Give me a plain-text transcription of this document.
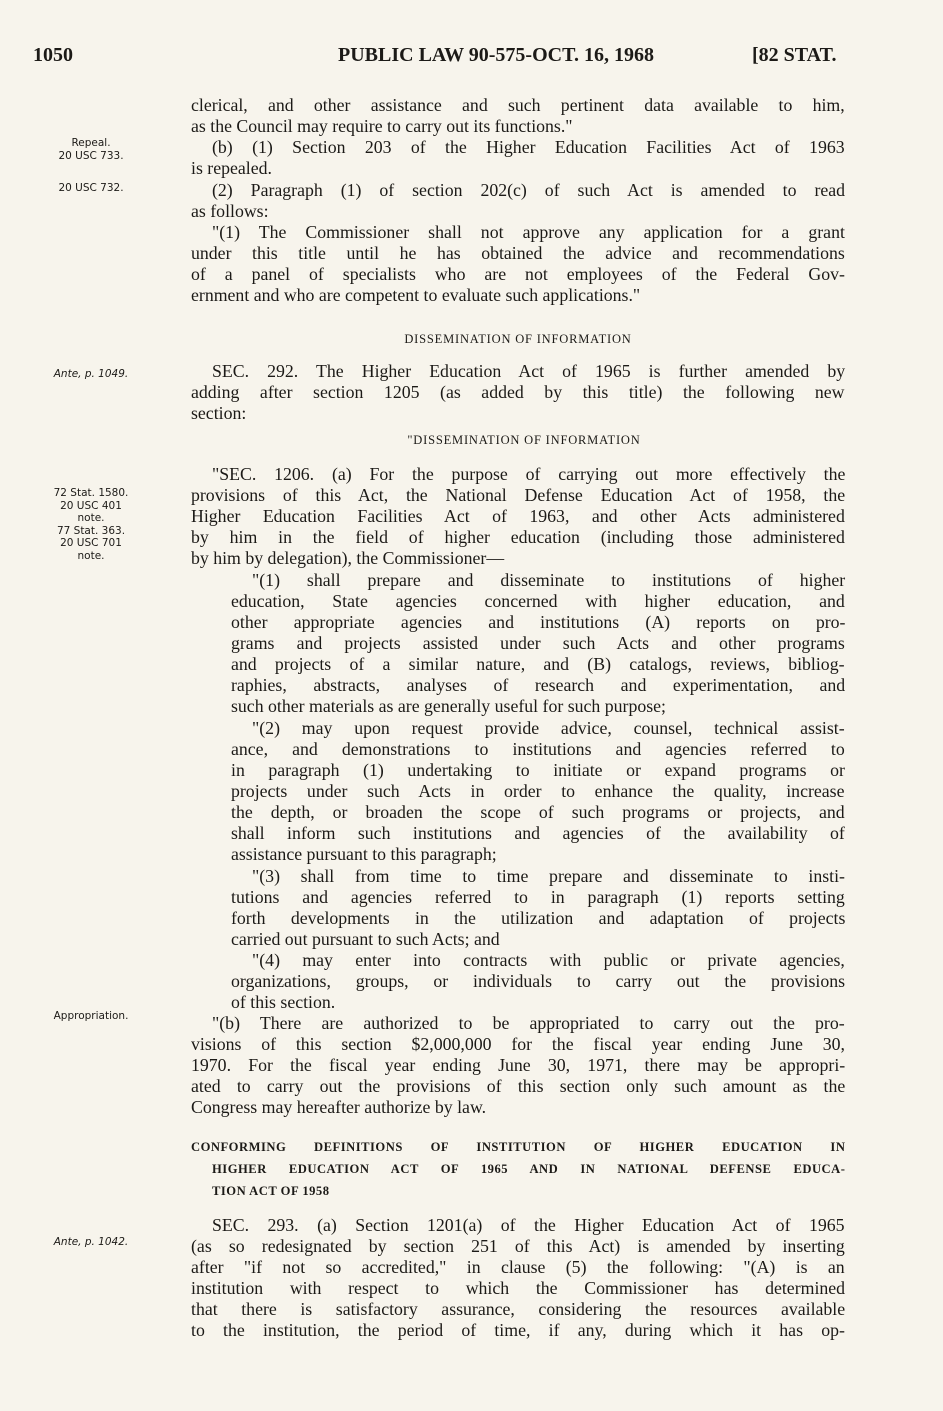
1050	PUBLIC LAW 90-575-OCT. 16, 1968	[82 STAT.
Repeal.
20 USC 733.
20 USC 732.
Ante, p. 1049.
72 Stat. 1580.
20 USC 401
note.
77 Stat. 363.
20 USC 701
note.
Appropriation.
Ante, p. 1042.
clerical, and other assistance and such pertinent data available to him,
as the Council may require to carry out its functions."
(b) (1) Section 203 of the Higher Education Facilities Act of 1963
is repealed.
(2) Paragraph (1) of section 202(c) of such Act is amended to read
as follows:
"(1) The Commissioner shall not approve any application for a grant
under this title until he has obtained the advice and recommendations
of a panel of specialists who are not employees of the Federal Gov-
ernment and who are competent to evaluate such applications."
DISSEMINATION OF INFORMATION
SEC. 292. The Higher Education Act of 1965 is further amended by
adding after section 1205 (as added by this title) the following new
section:
"DISSEMINATION OF INFORMATION
"SEC. 1206. (a) For the purpose of carrying out more effectively the
provisions of this Act, the National Defense Education Act of 1958, the
Higher Education Facilities Act of 1963, and other Acts administered
by him in the field of higher education (including those administered
by him by delegation), the Commissioner—
"(1) shall prepare and disseminate to institutions of higher
education, State agencies concerned with higher education, and
other appropriate agencies and institutions (A) reports on pro-
grams and projects assisted under such Acts and other programs
and projects of a similar nature, and (B) catalogs, reviews, bibliog-
raphies, abstracts, analyses of research and experimentation, and
such other materials as are generally useful for such purpose;
"(2) may upon request provide advice, counsel, technical assist-
ance, and demonstrations to institutions and agencies referred to
in paragraph (1) undertaking to initiate or expand programs or
projects under such Acts in order to enhance the quality, increase
the depth, or broaden the scope of such programs or projects, and
shall inform such institutions and agencies of the availability of
assistance pursuant to this paragraph;
"(3) shall from time to time prepare and disseminate to insti-
tutions and agencies referred to in paragraph (1) reports setting
forth developments in the utilization and adaptation of projects
carried out pursuant to such Acts; and
"(4) may enter into contracts with public or private agencies,
organizations, groups, or individuals to carry out the provisions
of this section.
"(b) There are authorized to be appropriated to carry out the pro-
visions of this section $2,000,000 for the fiscal year ending June 30,
1970. For the fiscal year ending June 30, 1971, there may be appropri-
ated to carry out the provisions of this section only such amount as the
Congress may hereafter authorize by law.
CONFORMING DEFINITIONS OF INSTITUTION OF HIGHER EDUCATION IN
HIGHER EDUCATION ACT OF 1965 AND IN NATIONAL DEFENSE EDUCA-
TION ACT OF 1958
SEC. 293. (a) Section 1201(a) of the Higher Education Act of 1965
(as so redesignated by section 251 of this Act) is amended by inserting
after "if not so accredited," in clause (5) the following: "(A) is an
institution with respect to which the Commissioner has determined
that there is satisfactory assurance, considering the resources available
to the institution, the period of time, if any, during which it has op-
